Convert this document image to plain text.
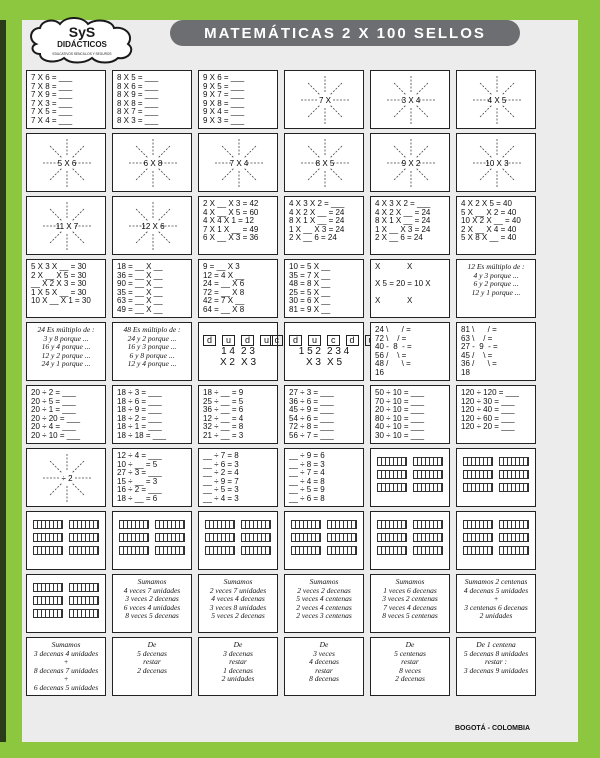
SyS
DIDÁCTICOS
EDUCATIVOS SENCILLOS Y SEGUROS
MATEMÁTICAS 2 X 100 SELLOS
7 X 6 = ___
7 X 8 = ___
7 X 9 = ___
7 X 3 = ___
7 X 5 = ___
7 X 4 = ___
8 X 5 = ___
8 X 6 = ___
8 X 9 = ___
8 X 8 = ___
8 X 7 = ___
8 X 3 = ___
9 X 6 = ___
9 X 5 = ___
9 X 7 = ___
9 X 8 = ___
9 X 4 = ___
9 X 3 = ___
7 X	3 X 4	4 X 5
5 X 6	6 X 8	7 X 4	8 X 5	9 X 2	10 X 3
11 X 7	12 X 6
2 X __ X 3 = 42
4 X __ X 5 = 60
4 X 4 X 1 = 12
7 X 1 X __ = 49
6 X __ X 3 = 36
4 X 3 X 2 = ___
4 X 2 X __ = 24
8 X 1 X __ = 24
1 X __ X 3 = 24
2 X __ 6 = 24
4 X 3 X 2 = ___
4 X 2 X __ = 24
8 X 1 X __ = 24
1 X __ X 3 = 24
2 X __ 6 = 24
4 X 2 X 5 = 40
5 X __ X 2 = 40
10 X 2 X __ = 40
2 X __ X 4 = 40
5 X 8 X __ = 40
5 X 3 X __ = 30
2 X __ X 5 = 30
__ X 2 X 3 = 30
1 X 5 X __ = 30
10 X __ X 1 = 30
18 = __ X __
36 = __ X __
90 = __ X __
35 = __ X __
63 = __ X __
49 = __ X __
9 = __ X 3
12 = 4 X __
24 = __ X 6
72 = __ X 8
42 = 7 X __
64 = __ X 8
10 = 5 X __
35 = 7 X __
48 = 8 X __
25 = 5 X __
30 = 6 X __
81 = 9 X __
X            X

X 5 = 20 = 10 X

X            X
12 Es múltiplo de :
4 y 3 porque ...
6 y 2 porque ...
12 y 1 porque ...
24 Es múltiplo de :
3 y 8 porque ...
16 y 4 porque ...
12 y 2 porque ...
24 y 1 porque ...
48 Es múltiplo de :
24 y 2 porque ...
16 y 3 porque ...
6 y 8 porque ...
12 y 4 porque ...
d	u	d	u
1 4 2 3
X 2 X 3
c	d	u	c	d
1 5 2 2 3 4
X 3 X 5
24 \      / =
72 \    / =
40 -  8  - =
56 /    \ =
48 /      \ =
16
81 \      / =
63 \    / =
27 -  9  - =
45 /    \ =
36 /      \ =
18
20 ÷ 2 = ___
20 ÷ 5 = ___
20 ÷ 1 = ___
20 ÷ 20 = ___
20 ÷ 4 = ___
20 ÷ 10 = ___
18 ÷ 3 = ___
18 ÷ 6 = ___
18 ÷ 9 = ___
18 ÷ 2 = ___
18 ÷ 1 = ___
18 ÷ 18 = ___
18 ÷ __ = 9
25 ÷ __ = 5
36 ÷ __ = 6
12 ÷ __ = 4
32 ÷ __ = 8
21 ÷ __ = 3
27 ÷ 3 = ___
36 ÷ 6 = ___
45 ÷ 9 = ___
54 ÷ 6 = ___
72 ÷ 8 = ___
56 ÷ 7 = ___
50 ÷ 10 = ___
70 ÷ 10 = ___
20 ÷ 10 = ___
80 ÷ 10 = ___
40 ÷ 10 = ___
30 ÷ 10 = ___
120 ÷ 120 = ___
120 ÷ 30 = ___
120 ÷ 40 = ___
120 ÷ 60 = ___
120 ÷ 20 = ___
÷ 2
12 ÷ 4 = ___
10 ÷ __ = 5
27 ÷ 3 = ___
15 ÷ __ = 3
16 ÷ 2 = ___
18 ÷ __ = 6
__ ÷ 7 = 8
__ ÷ 6 = 3
__ ÷ 2 = 4
__ ÷ 9 = 7
__ ÷ 5 = 3
__ ÷ 4 = 3
__ ÷ 9 = 6
__ ÷ 8 = 3
__ ÷ 7 = 4
__ ÷ 4 = 8
__ ÷ 5 = 9
__ ÷ 6 = 8
Sumamos
4 veces 7 unidades
3 veces 2 decenas
6 veces 4 unidades
8 veces 5 decenas
Sumamos
2 veces 7 unidades
4 veces 4 decenas
3 veces 8 unidades
5 veces 2 decenas
Sumamos
2 veces 2 decenas
5 veces 4 centenas
2 veces 4 centenas
2 veces 3 centenas
Sumamos
1 veces 6 decenas
3 veces 2 centenas
7 veces 4 decenas
8 veces 5 centenas
Sumamos 2 centenas
4 decenas 5 unidades
+
3 centenas 6 decenas
2 unidades
Sumamos
3 decenas 4 unidades
+
8 decenas 7 unidades
+
6 decenas 5 unidades
De
5 decenas
restar
2 decenas
De
3 decenas
restar
1 decenas
2 unidades
De
3 veces
4 decenas
restar
8 decenas
De
5 centenas
restar
8 veces
2 decenas
De 1 centena
5 decenas 8 unidades
restar :
3 decenas 9 unidades
BOGOTÁ - COLOMBIA
